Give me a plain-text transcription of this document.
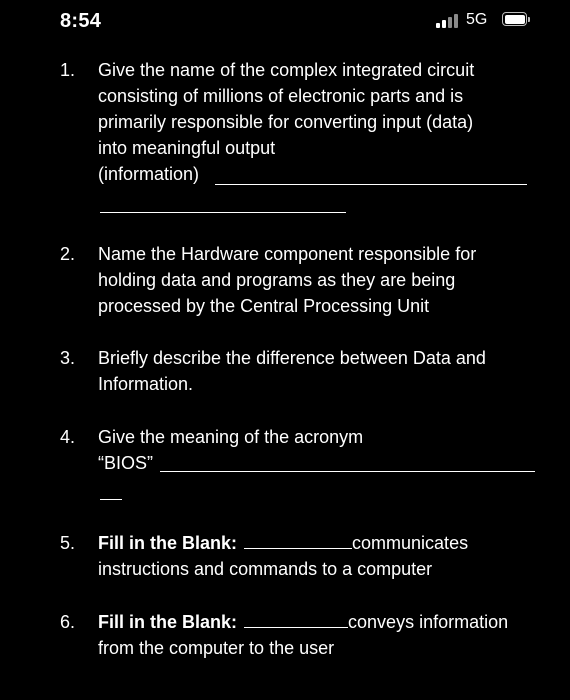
8:54	5G
1.	Give the name of the complex integrated circuit
consisting of millions of electronic parts and is
primarily responsible for converting input (data)
into meaningful output
(information)
2.	Name the Hardware component responsible for
holding data and programs as they are being
processed by the Central Processing Unit
3.	Briefly describe the difference between Data and
Information.
4.	Give the meaning of the acronym
“BIOS”
5.	Fill in the Blank:	communicates
instructions and commands to a computer
6.	Fill in the Blank:	conveys information
from the computer to the user
